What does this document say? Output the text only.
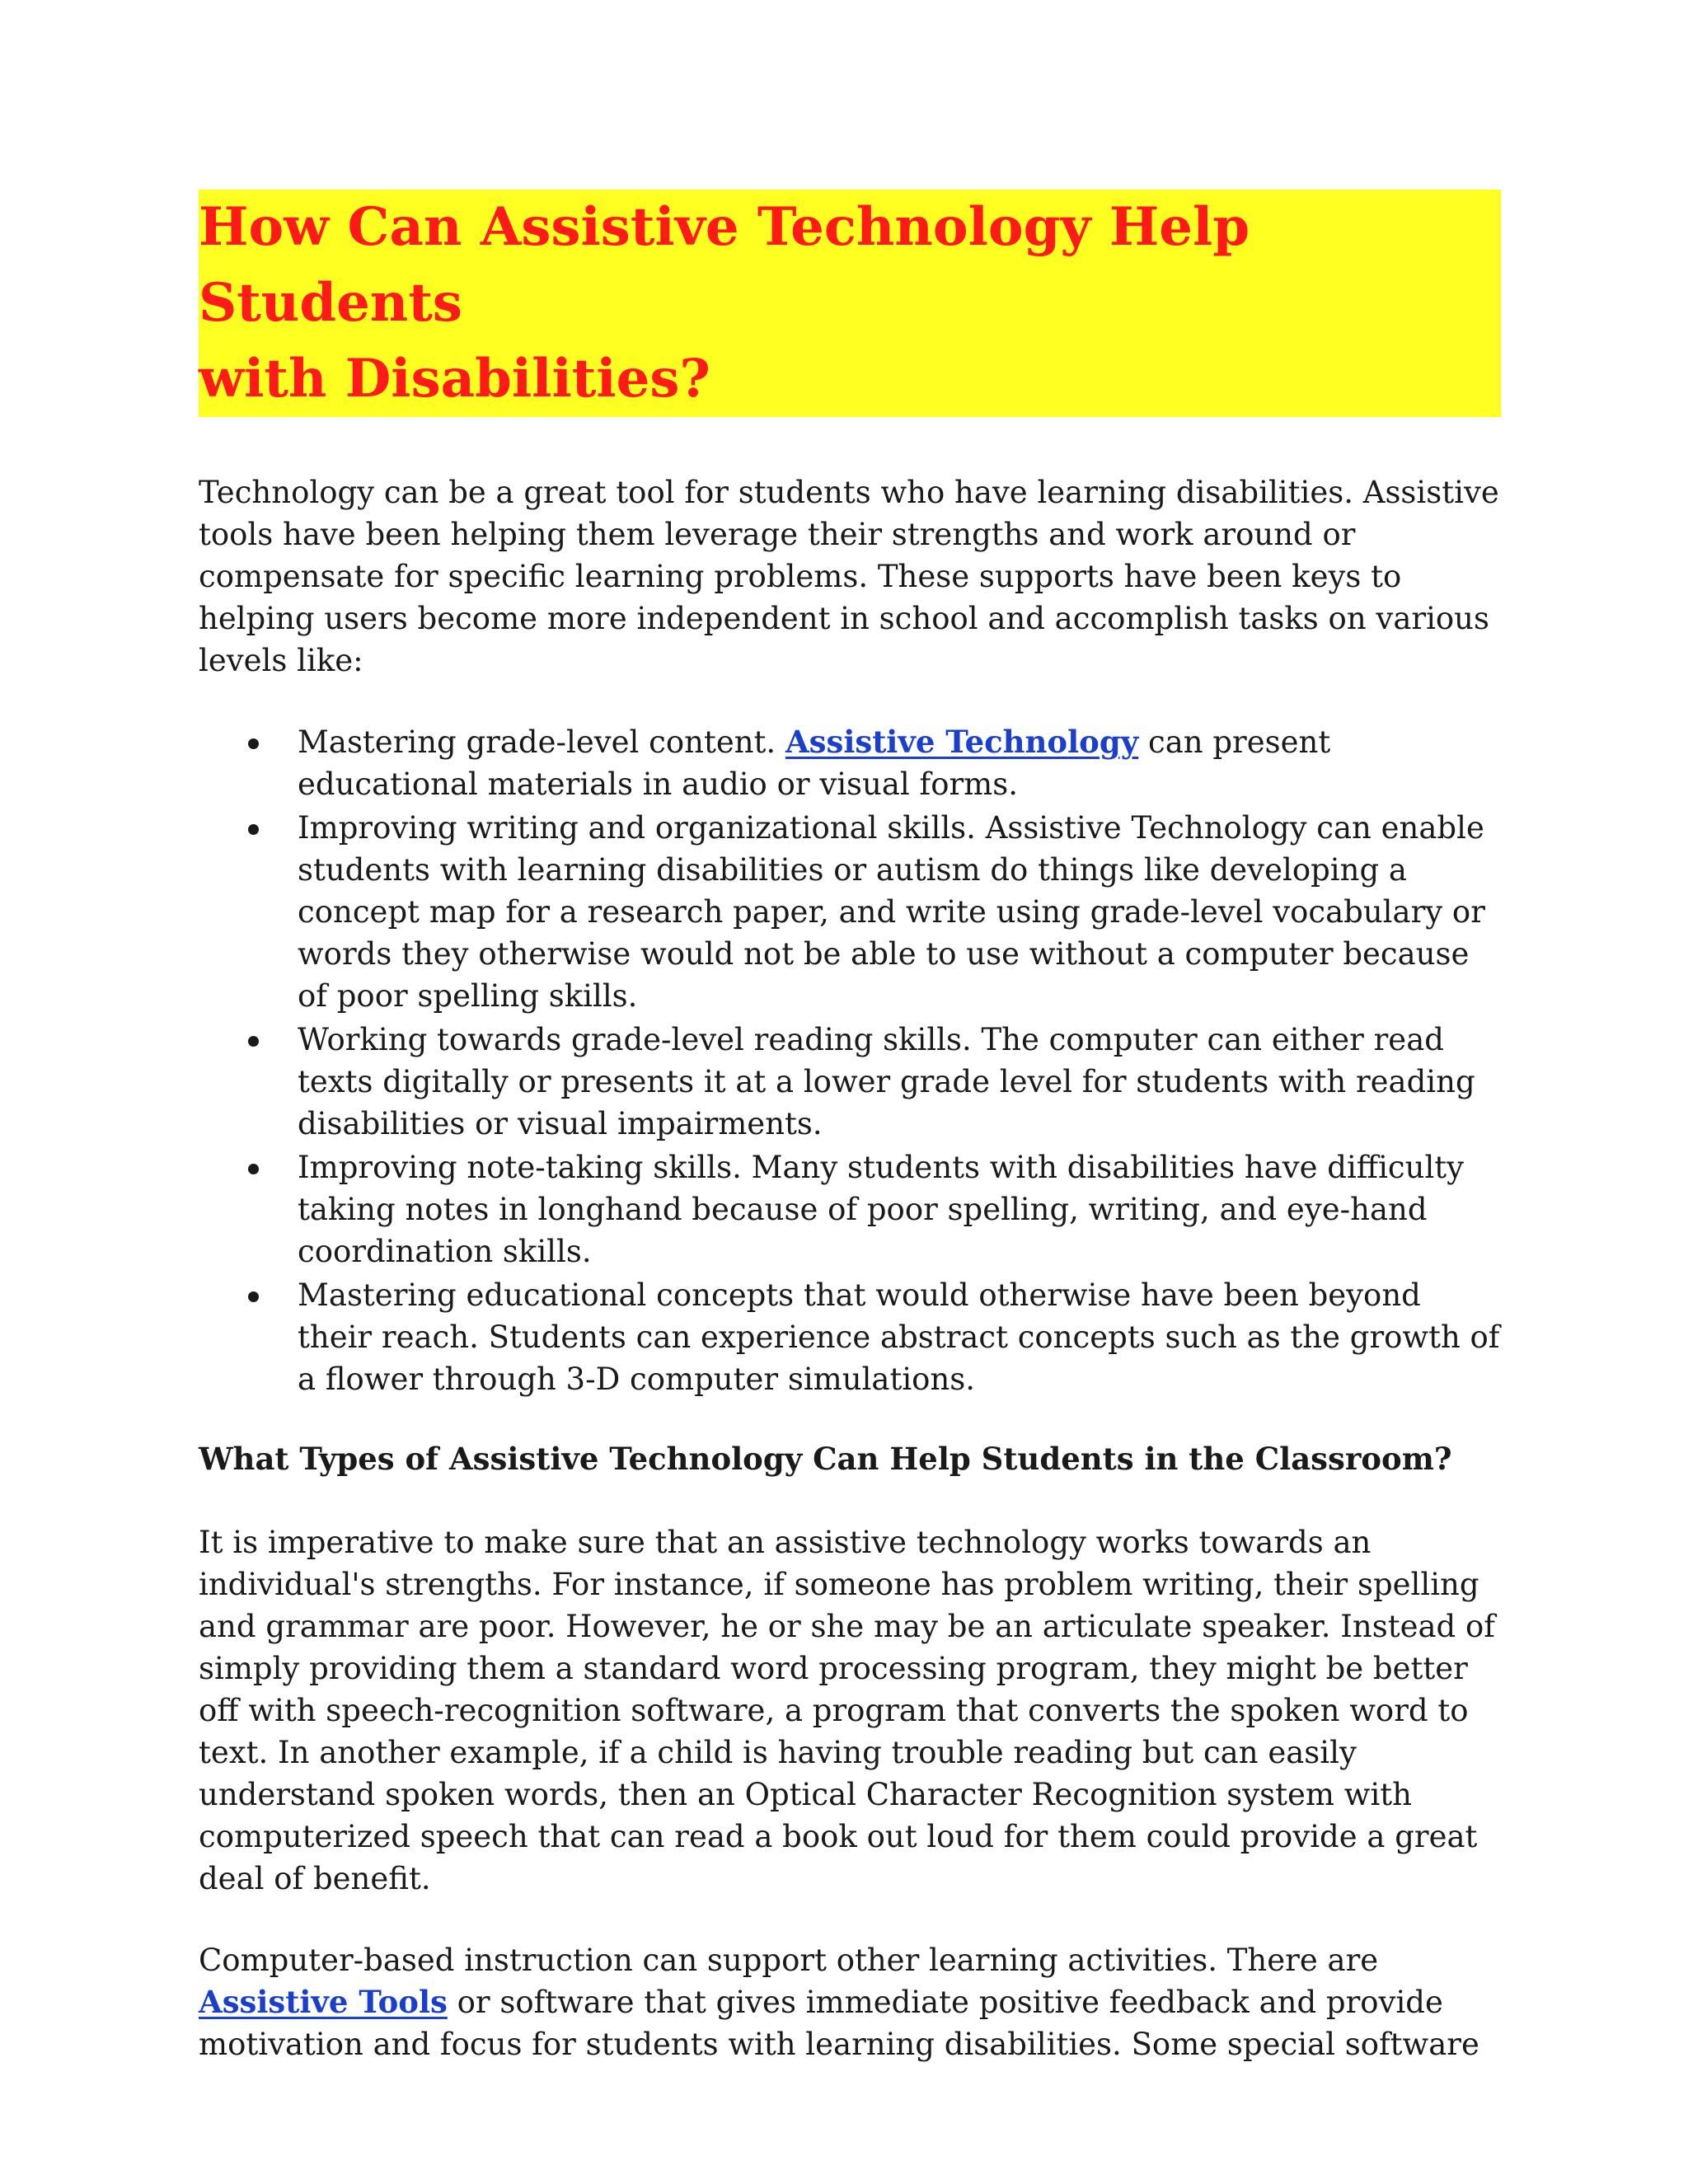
How Can Assistive Technology Help Students
with Disabilities?

Technology can be a great tool for students who have learning disabilities. Assistive tools have been helping them leverage their strengths and work around or compensate for specific learning problems. These supports have been keys to helping users become more independent in school and accomplish tasks on various levels like:

Mastering grade-level content. Assistive Technology can present educational materials in audio or visual forms.
Improving writing and organizational skills. Assistive Technology can enable students with learning disabilities or autism do things like developing a concept map for a research paper, and write using grade-level vocabulary or words they otherwise would not be able to use without a computer because of poor spelling skills.
Working towards grade-level reading skills. The computer can either read texts digitally or presents it at a lower grade level for students with reading disabilities or visual impairments.
Improving note-taking skills. Many students with disabilities have difficulty taking notes in longhand because of poor spelling, writing, and eye-hand coordination skills.
Mastering educational concepts that would otherwise have been beyond their reach. Students can experience abstract concepts such as the growth of a flower through 3-D computer simulations.

What Types of Assistive Technology Can Help Students in the Classroom?

It is imperative to make sure that an assistive technology works towards an individual's strengths. For instance, if someone has problem writing, their spelling and grammar are poor. However, he or she may be an articulate speaker. Instead of simply providing them a standard word processing program, they might be better off with speech-recognition software, a program that converts the spoken word to text. In another example, if a child is having trouble reading but can easily understand spoken words, then an Optical Character Recognition system with computerized speech that can read a book out loud for them could provide a great deal of benefit.

Computer-based instruction can support other learning activities. There are Assistive Tools or software that gives immediate positive feedback and provide motivation and focus for students with learning disabilities. Some special software
